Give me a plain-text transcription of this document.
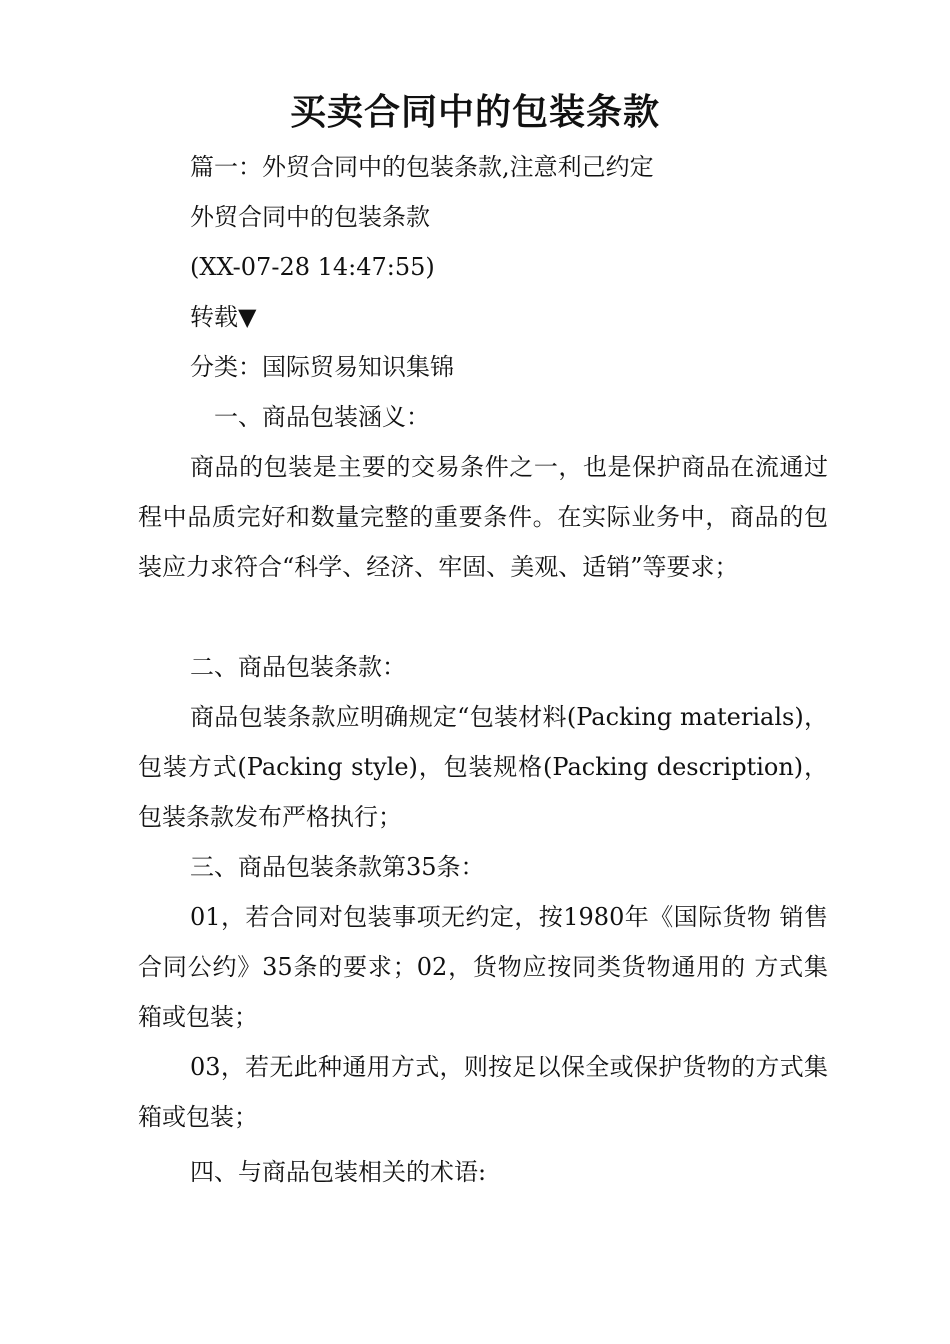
买卖合同中的包装条款

篇一：外贸合同中的包装条款,注意利己约定

外贸合同中的包装条款

(XX-07-28 14:47:55)

转载▼

分类：国际贸易知识集锦

一、商品包装涵义：

商品的包装是主要的交易条件之一，也是保护商品在流通过程中品质完好和数量完整的重要条件。在实际业务中，商品的包装应力求符合“科学、经济、牢固、美观、适销”等要求；

二、商品包装条款：

商品包装条款应明确规定“包装材料(Packing materials)，包装方式(Packing style)，包装规格(Packing description)，包装条款发布严格执行；

三、商品包装条款第35条：

01，若合同对包装事项无约定，按1980年《国际货物 销售合同公约》35条的要求；02，货物应按同类货物通用的 方式集箱或包装；

03，若无此种通用方式，则按足以保全或保护货物的方式集箱或包装；

四、与商品包装相关的术语:
